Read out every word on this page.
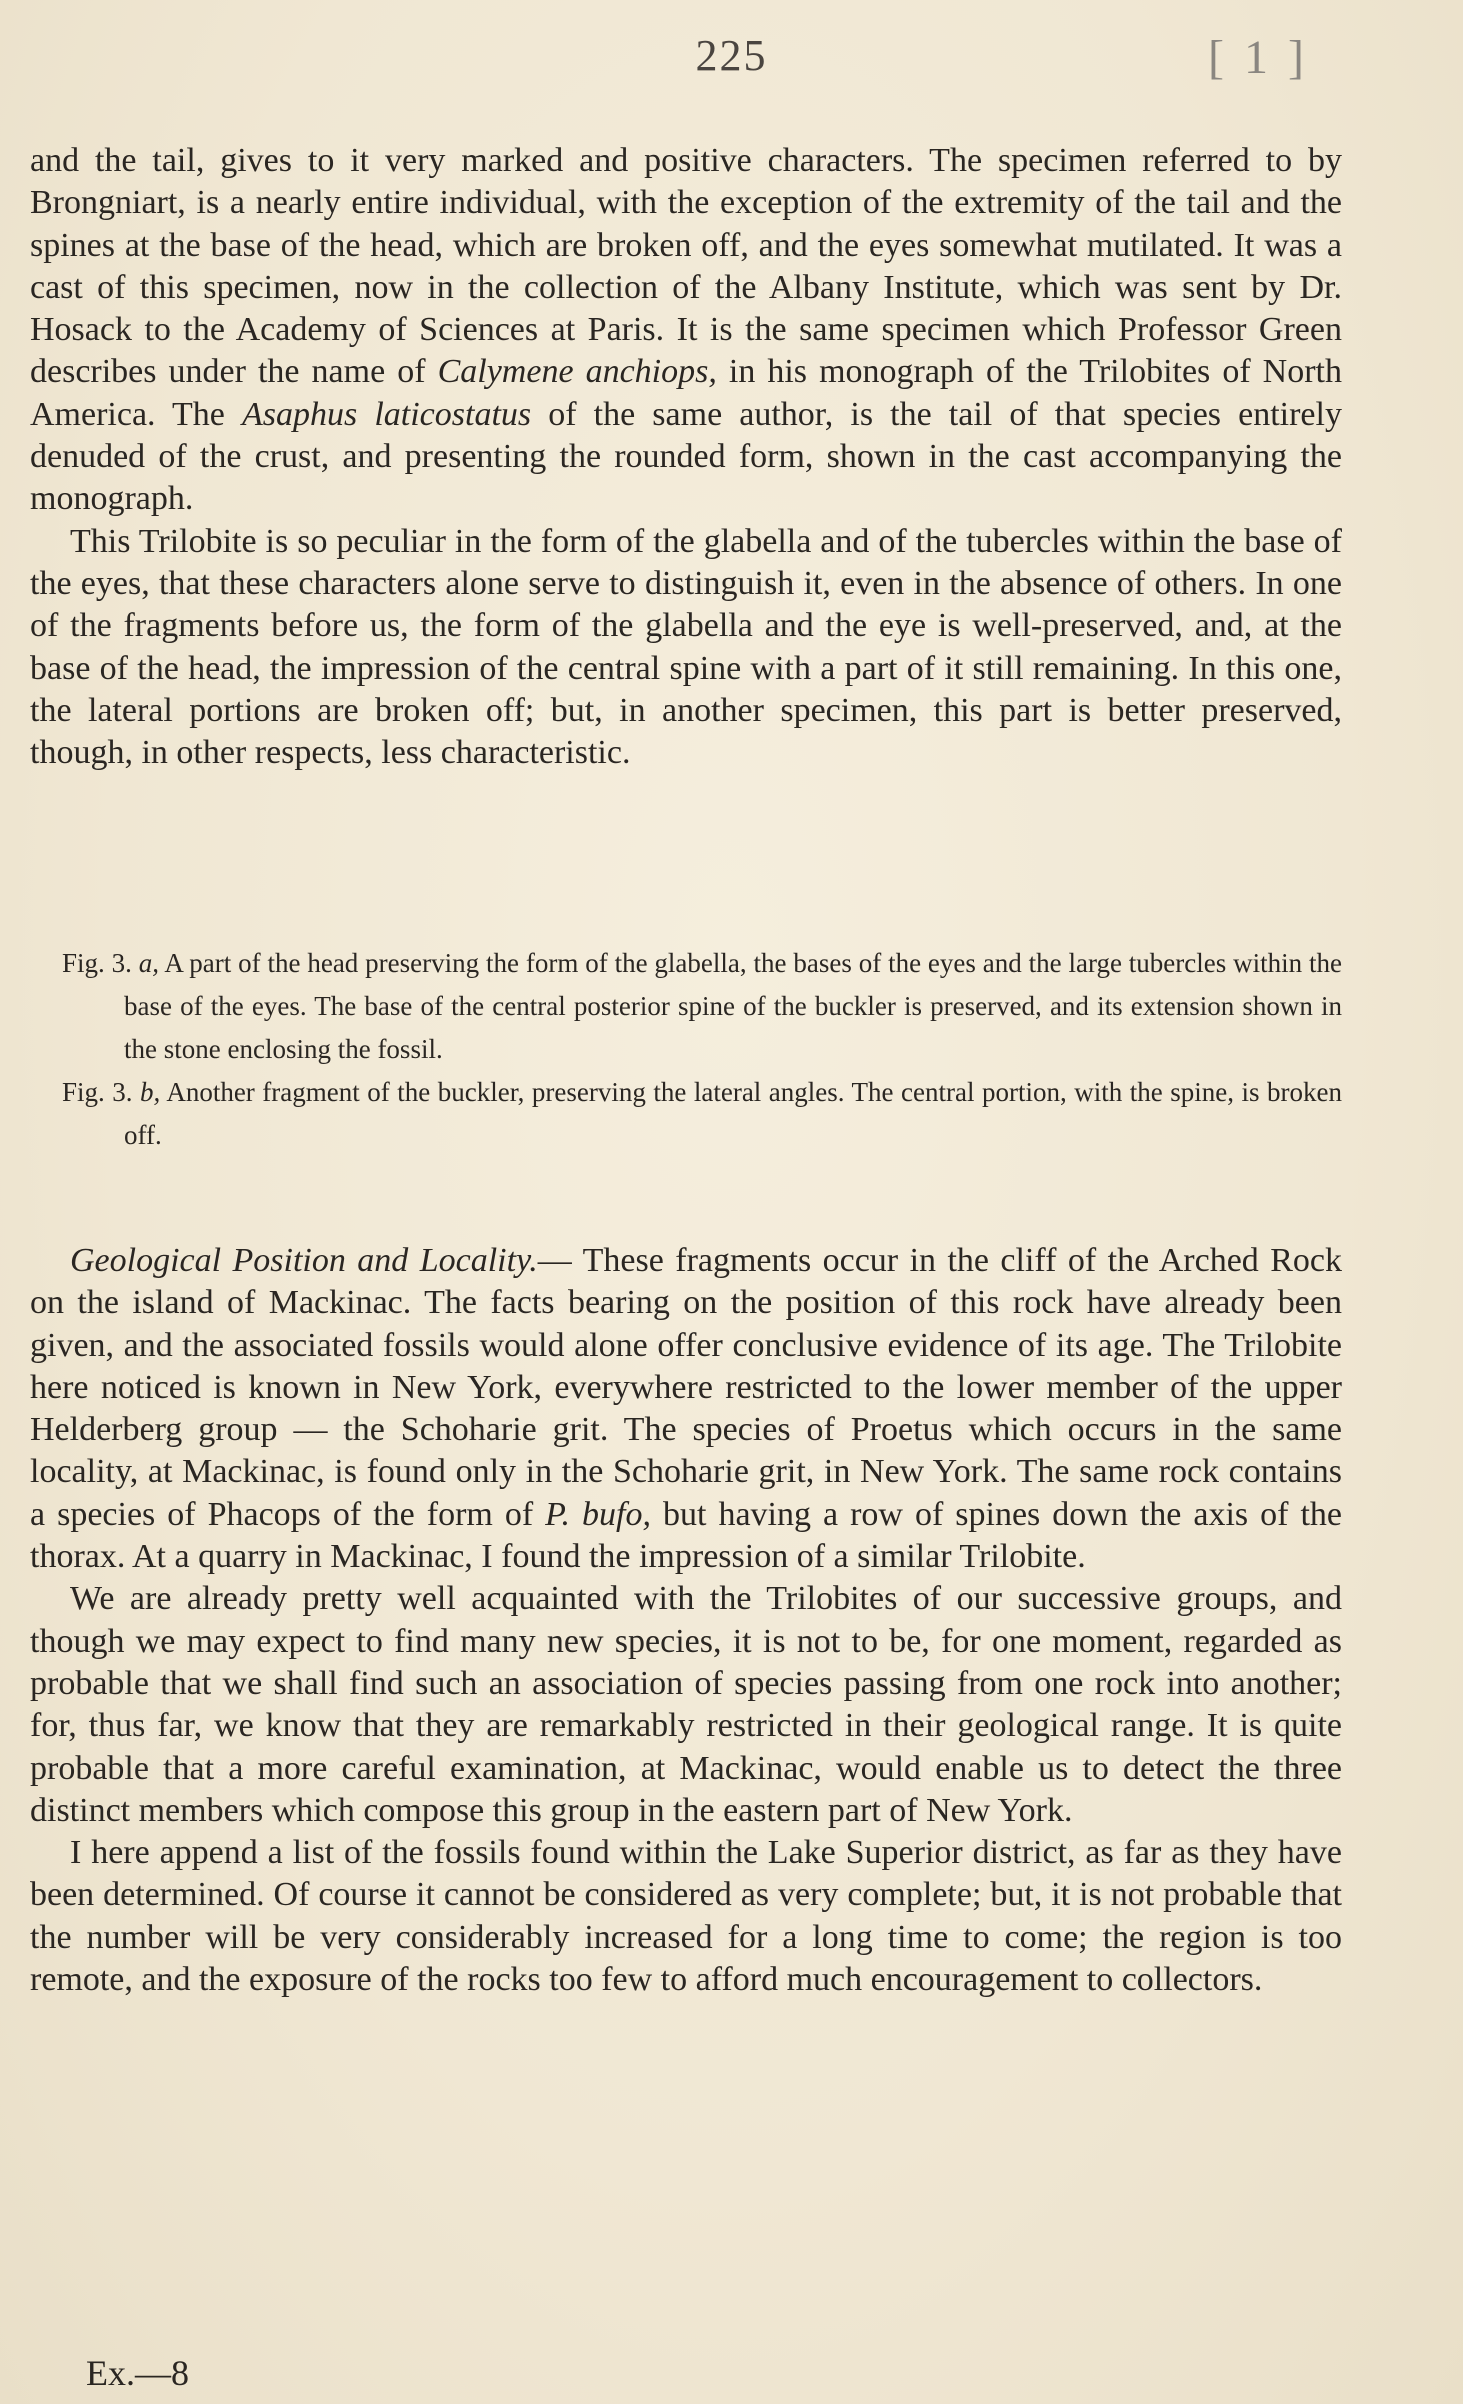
225	[ 1 ]

and the tail, gives to it very marked and positive characters. The specimen referred to by Brongniart, is a nearly entire individual, with the exception of the extremity of the tail and the spines at the base of the head, which are broken off, and the eyes somewhat mutilated. It was a cast of this specimen, now in the collection of the Albany Institute, which was sent by Dr. Hosack to the Academy of Sciences at Paris. It is the same specimen which Professor Green describes under the name of Calymene anchiops, in his monograph of the Trilobites of North America. The Asaphus laticostatus of the same author, is the tail of that species entirely denuded of the crust, and presenting the rounded form, shown in the cast accompanying the monograph.

This Trilobite is so peculiar in the form of the glabella and of the tubercles within the base of the eyes, that these characters alone serve to distinguish it, even in the absence of others. In one of the fragments before us, the form of the glabella and the eye is well-preserved, and, at the base of the head, the impression of the central spine with a part of it still remaining. In this one, the lateral portions are broken off; but, in another specimen, this part is better preserved, though, in other respects, less characteristic.

Fig. 3. a, A part of the head preserving the form of the glabella, the bases of the eyes and the large tubercles within the base of the eyes. The base of the central posterior spine of the buckler is preserved, and its extension shown in the stone enclosing the fossil.

Fig. 3. b, Another fragment of the buckler, preserving the lateral angles. The central portion, with the spine, is broken off.

Geological Position and Locality.— These fragments occur in the cliff of the Arched Rock on the island of Mackinac. The facts bearing on the position of this rock have already been given, and the associated fossils would alone offer conclusive evidence of its age. The Trilobite here noticed is known in New York, everywhere restricted to the lower member of the upper Helderberg group — the Schoharie grit. The species of Proetus which occurs in the same locality, at Mackinac, is found only in the Schoharie grit, in New York. The same rock contains a species of Phacops of the form of P. bufo, but having a row of spines down the axis of the thorax. At a quarry in Mackinac, I found the impression of a similar Trilobite.

We are already pretty well acquainted with the Trilobites of our successive groups, and though we may expect to find many new species, it is not to be, for one moment, regarded as probable that we shall find such an association of species passing from one rock into another; for, thus far, we know that they are remarkably restricted in their geological range. It is quite probable that a more careful examination, at Mackinac, would enable us to detect the three distinct members which compose this group in the eastern part of New York.

I here append a list of the fossils found within the Lake Superior district, as far as they have been determined. Of course it cannot be considered as very complete; but, it is not probable that the number will be very considerably increased for a long time to come; the region is too remote, and the exposure of the rocks too few to afford much encouragement to collectors.

Ex.—8
